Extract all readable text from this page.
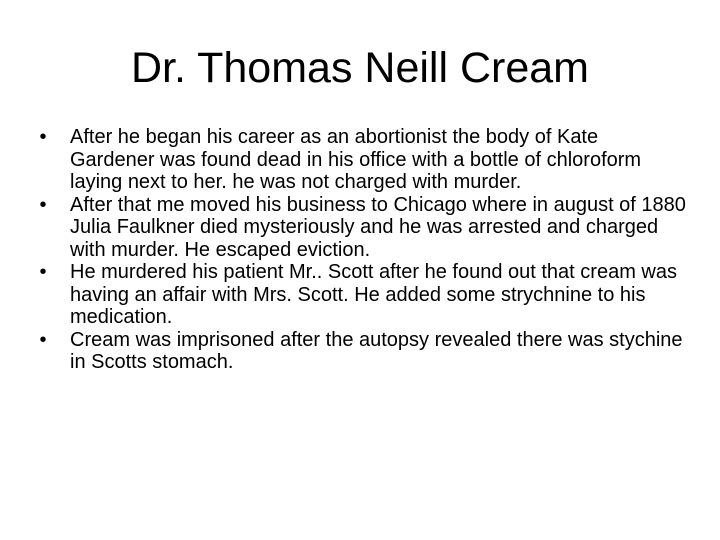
Dr. Thomas Neill Cream
• After he began his career as an abortionist the body of Kate Gardener was found dead in his office with a bottle of chloroform laying next to her. he was not charged with murder.
• After that me moved his business to Chicago where in august of 1880 Julia Faulkner died mysteriously and he was arrested and charged with murder. He escaped eviction.
• He murdered his patient Mr.. Scott after he found out that cream was having an affair with Mrs. Scott. He added some strychnine to his medication.
• Cream was imprisoned after the autopsy revealed there was stychine in Scotts stomach.
